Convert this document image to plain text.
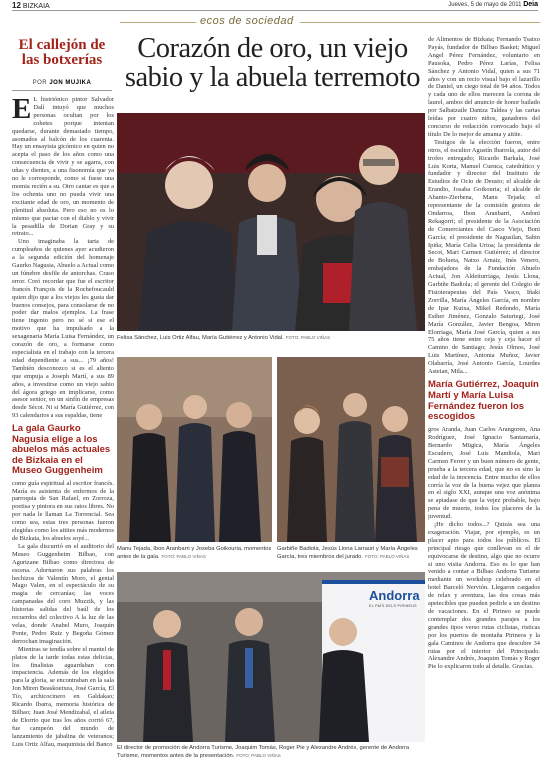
12 BIZKAIA	Jueves, 5 de mayo de 2011 Deia
ecos de sociedad
El callejón de las botxerías
POR JON MUJIKA

E L histriónico pintor Salvador Dalí intuyó que muchos personas ocultan por los cohetes porque intentan quedarse, durante demasiado tiempo, asomados al balcón de los cuarenta. Hay un ensayista gicómico en quien no acepta el paso de los años como una consecuencia de vivir y se agarra, con uñas y dientes, a una fisonomía que ya no le corresponde, como si fuese una momia recién a su. Otro cantar es que a los ochenta uno no pueda vivir una excitante edad de oro, un momento de plenitud absoluta. Pero eso no es lo mismo que pactar con el diablo y vivir la pesadilla de Dorian Gray y su retrato...

Uno imaginaba la tarta de cumpleaños de quienes ayer acudieron a la segunda edición del homenaje Gaurko Nagusia, Abuelo a Actual como un fúnebre desfile de antorchas. Craso error. Creó recordar que fue el escritor francés François de la Rochefoucauld quien dijo que a los viejos les gusta dar buenos consejos, para consolarse de no poder dar malos ejemplos. La frase tiene ingenio pero no sé si ese el motivo que ha impulsado a la sexagenaria María Luisa Fernández, un corazón de oro, a formarse como especialista en el trabajo con la tercera edad dependiente a sus... ¡79 años! También desconozco si es el aliento que empuja a Joseph Martí, a sus 89 años, a investirse como un viejo sabio del ágora griego en implicarse, como asesor senior, en un sinfín de empresas desde Sécot. Ni si María Gutiérrez, con 93 calendarios a sus espaldas, tiene

La gala Gaurko Nagusia elige a los abuelos más actuales de Bizkaia en el Museo Guggenheim

como guía espiritual al escritor francés. María es asistenta de enfermos de la parroquia de San Rafael, en Zorroza, poetisa y pintora en sus ratos libres. No por nada le llaman La Torrencial. Sea como sea, estas tres personas fueron elegidas como los aitites más modernos de Bizkaia, los abuelos soyé...

La gala discurrió en el auditorio del Museo Guggenheim Bilbao, con Agurtzane Bilbao como directora de escena. Adornaron sus palabras los hechizos de Valentín Moro, el genial Mago Valen, en el espectáculo de su magia de cercanías; las voces campanadas del coro Muzzik, y las historias salidas del baúl de los recuerdos del colectivo A la luz de las velas, donde Anabel Muro, Joaquín Ponte, Pedro Ruiz y Begoña Gómez derrochan imaginación.

Mientras se tendía sobre el mantel de platos de la tarde todas estas delicias, los finalistas aguardaban con impaciencia. Además de los elegidos para la gloria, se encontraban en la sala Jon Miren Beaskoetxea, José García, El Tío, archicocinero en Galdakao; Ricardo Ibarra, memoria histórica de Bilbao; Juan José Mendizabal, el atleta de Elorrio que tras los años corrió 67, fue campeón del mundo de lanzamiento de jabalina de veteranos; Luis Ortiz Alfau, maquinista del Banco

Corazón de oro, un viejo sabio y la abuela terremoto
Felisa Sánchez, Luis Ortiz Alfau, María Gutiérrez y Antonio Vidal. FOTO: PABLO VIÑAS
Manu Tejada, Ibon Aranbarri y Joseba Goikouria, momentos antes de la gala. FOTO: PABLO VIÑAS
Garbiñe Badiola, Jesús Llona Larrauri y María Ángeles García, tres miembros del jurado. FOTO: PABLO VIÑAS
Andorra
EL PAÍS DELS PIRINEUS
El director de promoción de Andorra Turisme, Joaquim Tomàs, Roger Pie y Alexandre Andrés, gerente de Andorra Turisme, momentos antes de la presentación. FOTO: PABLO VIÑAS

de Alimentos de Bizkaia; Fernando Tsatxo Payás, fundador de Bilbao Basket; Miguel Angel Pérez Fernández, voluntario en Pausoka, Pedro Pérez Larías, Felisa Sánchez y Antonio Vidal, quien a sus 71 años y con un recio visual bajo el lazarillo de Daniel, un ciego total de 94 años. Todos y cada uno de ellos merecen la corona de laurel, ambos del anuncio de honor bailado por Salbatzaile Dantza Taldea y las cartas leídas por cuatro niños, ganadores del concurso de redacción convocado bajo el título De lo mejor de amama y aitite.

Testigos de la elección fueron, entre otros, el escultor Agustín Ibarrola, autor del trofeo entregado; Ricardo Barkala, José Luis Korta, Manuel Cuenca, catedrático y fundador y director del Instituto de Estudios de Ocio de Deusto; el alcalde de Erandio, Josaba Goikouria; el alcalde de Abanto-Zierbena, Manu Tejada; el representante de la comisión gestora de Ondarroa, Ibon Aranbarri, Andoni Rekagorri; el presidente de la Asociación de Comerciantes del Casco Viejo, Boni García; el presidente de Nagusilan, Sabin Ipiña; María Celia Urioa; la presidenta de Secot, Mari Carmen Gutiérrez; el director de Bolueta, Natxo Arnaiz, Inés Venero, embajadora de la Fundación Abuelo Actual, Jon Aldeiturriaga, Jesús Llona, Garbiñe Badiola; el gerente del Colegio de Fisioterapeutas del País Vasco, Iñaki Zorrilla, María Ángeles García, en nombre de Ipar Kutxa, Mikel Redondo, María Esther Jiménez, Gonzalo Saturtegi, José María González, Javier Bengoa, Miren Elorriaga, María José García, quien a sus 75 años tiene entre ceja y ceja hacer el Camino de Santiago; Jesús Olmos, José Luis Martínez, Antonia Muñoz, Javier Olabarría, José Antonio García, Lourdes Asteian, Mila...

María Gutiérrez, Joaquín Martí y María Luisa Fernández fueron los escogidos

gros Aranda, Juan Carlos Arangoren, Ana Rodríguez, José Ignacio Santamaría, Bernardo Mügica, María Ángeles Escudero, José Luis Mandiola, Mari Carmen Ferrer y un buen número de gente, prueba a la tercera edad, que no es sino la edad de la inocencia. Entre mucho de ellos corría la voz de la buena vejez que planea en el siglo XXI, aunque una voz anónima se apiadase de que la vejez probable, bajo pena de muerte, todos los placeres de la juventud.

¡He dicho todos...? Quizás sea una exageración. Viajar, por ejemplo, es un placer apto para todos los públicos. El principal riesgo que conllevan es el de equivocarse de destino, algo que no ocurre si uno visita Andorra. Eso es lo que han venido a contar a Bilbao Andorra Turisme mediante un workshop celebrado en el hotel Barceló Nervión. Llegaron cargados de relax y aventura, las dos cosas más apetecibles que pueden pedirle a un destino de vacaciones. En el Pirineo se puede contemplar dos grandes parajes a los grandes tipos verso rutas ciclistas, risticas por los puertos de montaña Pirineos y la gala Caminos de Andorra que descubre 34 rutas por el interior del Principado. Alexandre Andrés, Joaquim Tomàs y Roger Pie lo explicaron todo al detalle. Gracias.
